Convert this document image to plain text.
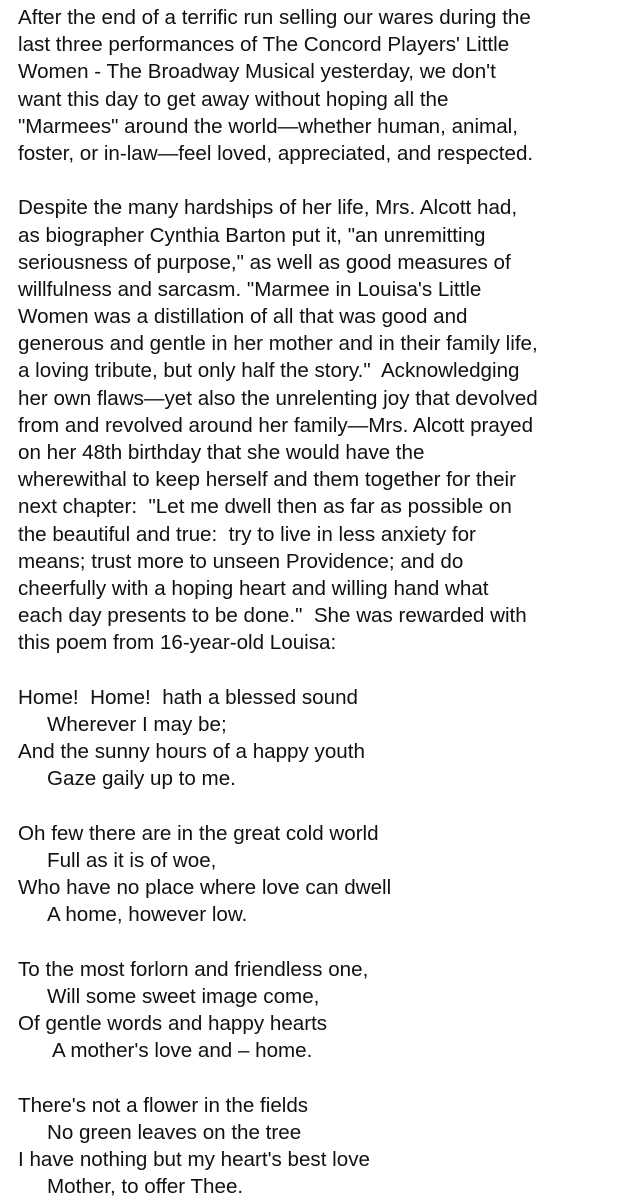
After the end of a terrific run selling our wares during the
last three performances of The Concord Players' Little
Women - The Broadway Musical yesterday, we don't
want this day to get away without hoping all the
"Marmees" around the world—whether human, animal,
foster, or in-law—feel loved, appreciated, and respected.
Despite the many hardships of her life, Mrs. Alcott had,
as biographer Cynthia Barton put it, "an unremitting
seriousness of purpose," as well as good measures of
willfulness and sarcasm. "Marmee in Louisa's Little
Women was a distillation of all that was good and
generous and gentle in her mother and in their family life,
a loving tribute, but only half the story."  Acknowledging
her own flaws—yet also the unrelenting joy that devolved
from and revolved around her family—Mrs. Alcott prayed
on her 48th birthday that she would have the
wherewithal to keep herself and them together for their
next chapter:  "Let me dwell then as far as possible on
the beautiful and true:  try to live in less anxiety for
means; trust more to unseen Providence; and do
cheerfully with a hoping heart and willing hand what
each day presents to be done."  She was rewarded with
this poem from 16-year-old Louisa:
Home!  Home!  hath a blessed sound
Wherever I may be;
And the sunny hours of a happy youth
Gaze gaily up to me.
Oh few there are in the great cold world
Full as it is of woe,
Who have no place where love can dwell
A home, however low.
To the most forlorn and friendless one,
Will some sweet image come,
Of gentle words and happy hearts
A mother's love and – home.
There's not a flower in the fields
No green leaves on the tree
I have nothing but my heart's best love
Mother, to offer Thee.
